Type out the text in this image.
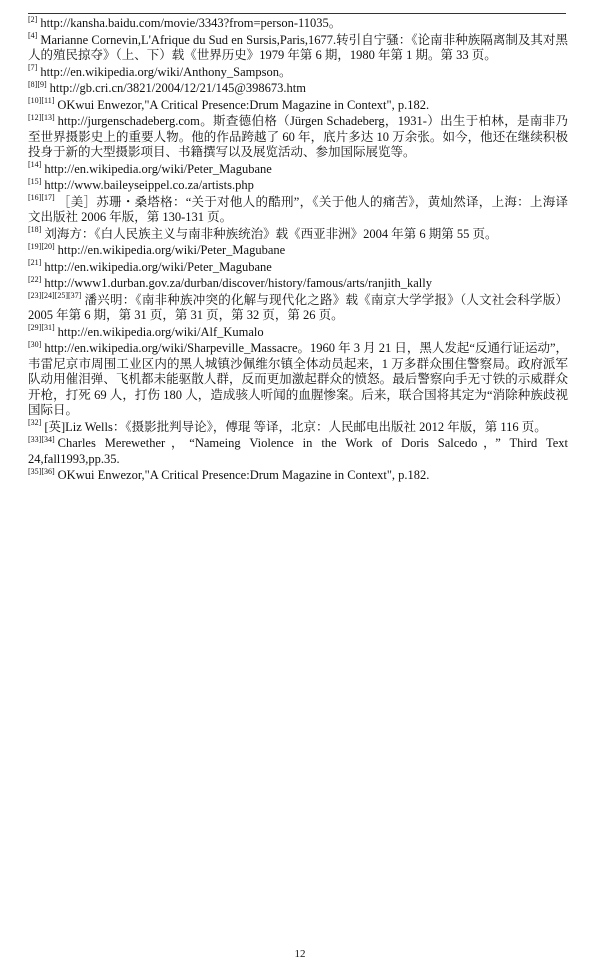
[2] http://kansha.baidu.com/movie/3343?from=person-11035。

[4] Marianne Cornevin,L'Afrique du Sud en Sursis,Paris,1677.转引自宁骚：《论南非种族隔离制及其对黑人的殖民掠夺》（上、下）载《世界历史》1979 年第 6 期，1980 年第 1 期。第 33 页。

[7] http://en.wikipedia.org/wiki/Anthony_Sampson。

[8][9] http://gb.cri.cn/3821/2004/12/21/145@398673.htm

[10][11] OKwui Enwezor,"A Critical Presence:Drum Magazine in Context", p.182.

[12][13] http://jurgenschadeberg.com。斯查德伯格（Jürgen Schadeberg，1931-）出生于柏林，是南非乃至世界摄影史上的重要人物。他的作品跨越了 60 年，底片多达 10 万余张。如今，他还在继续积极投身于新的大型摄影项目、书籍撰写以及展览活动、参加国际展览等。

[14] http://en.wikipedia.org/wiki/Peter_Magubane

[15] http://www.baileyseippel.co.za/artists.php

[16][17] ［美］苏珊・桑塔格：“关于对他人的酷刑”，《关于他人的痛苦》，黄灿然译，上海：上海译文出版社 2006 年版，第 130-131 页。

[18] 刘海方：《白人民族主义与南非种族统治》载《西亚非洲》2004 年第 6 期第 55 页。

[19][20] http://en.wikipedia.org/wiki/Peter_Magubane

[21] http://en.wikipedia.org/wiki/Peter_Magubane

[22] http://www1.durban.gov.za/durban/discover/history/famous/arts/ranjith_kally

[23][24][25][37] 潘兴明：《南非种族冲突的化解与现代化之路》载《南京大学学报》（人文社会科学版）2005 年第 6 期，第 31 页，第 31 页，第 32 页，第 26 页。

[29][31] http://en.wikipedia.org/wiki/Alf_Kumalo

[30] http://en.wikipedia.org/wiki/Sharpeville_Massacre。1960 年 3 月 21 日，黑人发起“反通行证运动”，韦雷尼京市周围工业区内的黑人城镇沙佩维尔镇全体动员起来，1 万多群众围住警察局。政府派军队动用催泪弹、飞机都未能驱散人群，反而更加激起群众的愤怒。最后警察向手无寸铁的示威群众开枪，打死 69 人，打伤 180 人，造成骇人听闻的血腥惨案。后来，联合国将其定为“消除种族歧视国际日。

[32] [英]Liz Wells：《摄影批判导论》，傅琨 等译，北京：人民邮电出版社 2012 年版，第 116 页。

[33][34] Charles Merewether，“Nameing Violence in the Work of Doris Salcedo，” Third Text 24,fall1993,pp.35.

[35][36] OKwui Enwezor,"A Critical Presence:Drum Magazine in Context", p.182.

12
